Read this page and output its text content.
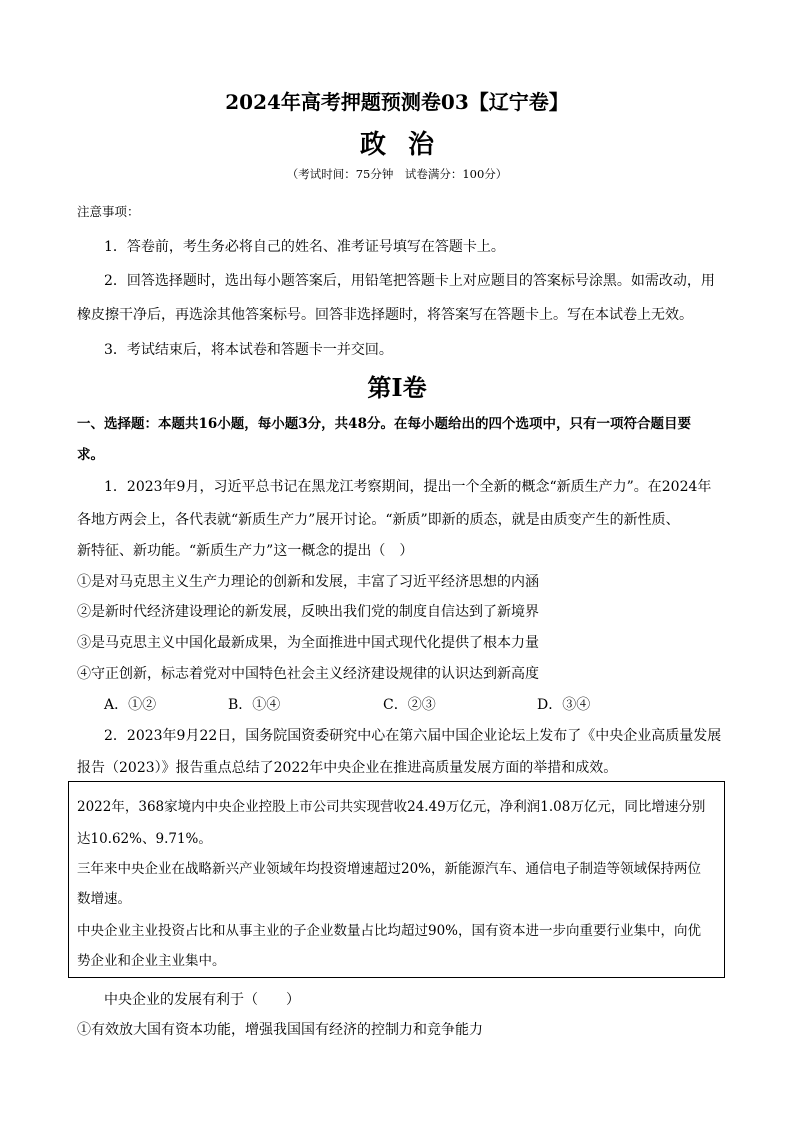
2024年高考押题预测卷03【辽宁卷】
政治
（考试时间：75分钟　试卷满分：100分）
注意事项：
1．答卷前，考生务必将自己的姓名、准考证号填写在答题卡上。
2．回答选择题时，选出每小题答案后，用铅笔把答题卡上对应题目的答案标号涂黑。如需改动，用
橡皮擦干净后，再选涂其他答案标号。回答非选择题时，将答案写在答题卡上。写在本试卷上无效。
3．考试结束后，将本试卷和答题卡一并交回。
第Ⅰ卷
一、选择题：本题共16小题，每小题3分，共48分。在每小题给出的四个选项中，只有一项符合题目要
求。
1．2023年9月，习近平总书记在黑龙江考察期间，提出一个全新的概念“新质生产力”。在2024年
各地方两会上，各代表就“新质生产力”展开讨论。“新质”即新的质态，就是由质变产生的新性质、
新特征、新功能。“新质生产力”这一概念的提出（　）
①是对马克思主义生产力理论的创新和发展，丰富了习近平经济思想的内涵
②是新时代经济建设理论的新发展，反映出我们党的制度自信达到了新境界
③是马克思主义中国化最新成果，为全面推进中国式现代化提供了根本力量
④守正创新，标志着党对中国特色社会主义经济建设规律的认识达到新高度
A．①②	B．①④	C．②③	D．③④
2．2023年9月22日，国务院国资委研究中心在第六届中国企业论坛上发布了《中央企业高质量发展
报告（2023）》报告重点总结了2022年中央企业在推进高质量发展方面的举措和成效。
2022年，368家境内中央企业控股上市公司共实现营收24.49万亿元，净利润1.08万亿元，同比增速分别
达10.62%、9.71%。
三年来中央企业在战略新兴产业领域年均投资增速超过20%，新能源汽车、通信电子制造等领域保持两位
数增速。
中央企业主业投资占比和从事主业的子企业数量占比均超过90%，国有资本进一步向重要行业集中，向优
势企业和企业主业集中。
中央企业的发展有利于（　　）
①有效放大国有资本功能，增强我国国有经济的控制力和竞争能力
